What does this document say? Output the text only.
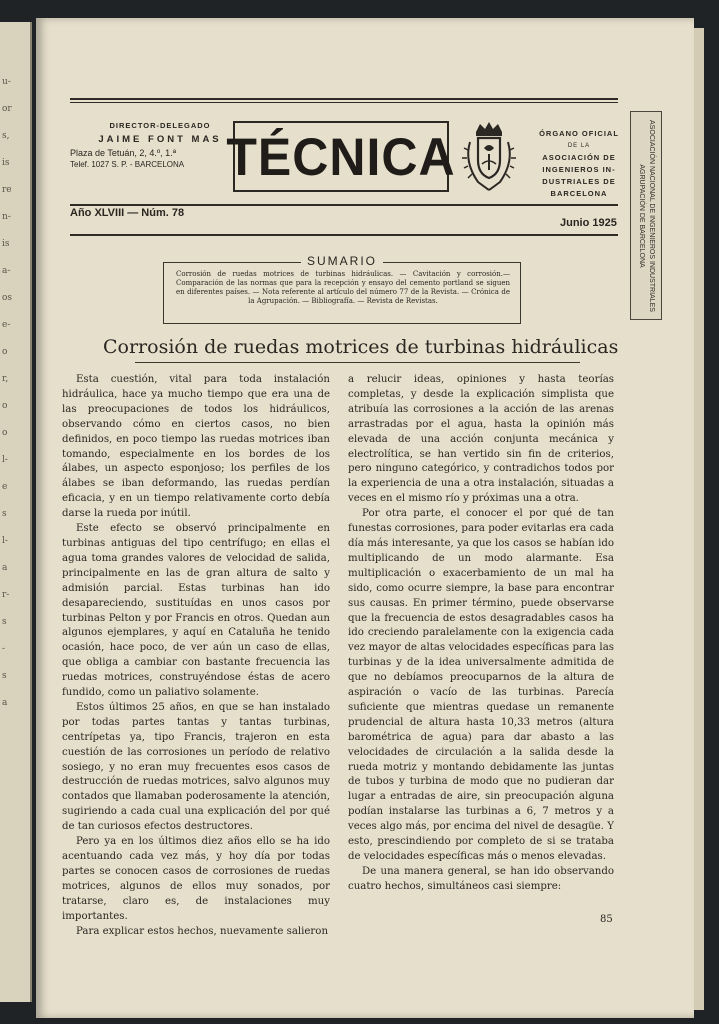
u-
or
s,
is
re
n-
is
a-
os
e-
o
r,
o
o
l-
e
s
l-
a
r-
s
-
s
a
DIRECTOR-DELEGADO
JAIME FONT MAS
Plaza de Tetuán, 2, 4.º, 1.ª
Telef. 1027 S. P. - BARCELONA TÉCNICA	ÓRGANO OFICIAL
DE LA
ASOCIACIÓN DE
INGENIEROS IN-
DUSTRIALES DE
BARCELONA	ASOCIACIÓN NACIONAL DE INGENIEROS INDUSTRIALES
AGRUPACIÓN DE BARCELONA
Año XLVIII — Núm. 78
Junio 1925
SUMARIO
Corrosión de ruedas motrices de turbinas hidráulicas. — Cavitación y corrosión.— Comparación de las normas que para la recepción y ensayo del cemento portland se siguen en diferentes países. — Nota referente al artículo del número 77 de la Revista. — Crónica de la Agrupación. — Bibliografía. — Revista de Revistas.
Corrosión de ruedas motrices de turbinas hidráulicas

Esta cuestión, vital para toda instalación hidráulica, hace ya mucho tiempo que era una de las preocupaciones de todos los hidráulicos, observando cómo en ciertos casos, no bien definidos, en poco tiempo las ruedas motrices iban tomando, especialmente en los bordes de los álabes, un aspecto esponjoso; los perfiles de los álabes se iban deformando, las ruedas perdían eficacia, y en un tiempo relativamente corto debía darse la rueda por inútil.

Este efecto se observó principalmente en turbinas antiguas del tipo centrífugo; en ellas el agua toma grandes valores de velocidad de salida, principalmente en las de gran altura de salto y admisión parcial. Estas turbinas han ido desapareciendo, sustituídas en unos casos por turbinas Pelton y por Francis en otros. Quedan aun algunos ejemplares, y aquí en Cataluña he tenido ocasión, hace poco, de ver aún un caso de ellas, que obliga a cambiar con bastante frecuencia las ruedas motrices, construyéndose éstas de acero fundido, como un paliativo solamente.

Estos últimos 25 años, en que se han instalado por todas partes tantas y tantas turbinas, centrípetas ya, tipo Francis, trajeron en esta cuestión de las corrosiones un período de relativo sosiego, y no eran muy frecuentes esos casos de destrucción de ruedas motrices, salvo algunos muy contados que llamaban poderosamente la atención, sugiriendo a cada cual una explicación del por qué de tan curiosos efectos destructores.

Pero ya en los últimos diez años ello se ha ido acentuando cada vez más, y hoy día por todas partes se conocen casos de corrosiones de ruedas motrices, algunos de ellos muy sonados, por tratarse, claro es, de instalaciones muy importantes.

Para explicar estos hechos, nuevamente salieron

a relucir ideas, opiniones y hasta teorías completas, y desde la explicación simplista que atribuía las corrosiones a la acción de las arenas arrastradas por el agua, hasta la opinión más elevada de una acción conjunta mecánica y electrolítica, se han vertido sin fin de criterios, pero ninguno categórico, y contradichos todos por la experiencia de una a otra instalación, situadas a veces en el mismo río y próximas una a otra.

Por otra parte, el conocer el por qué de tan funestas corrosiones, para poder evitarlas era cada día más interesante, ya que los casos se habían ido multiplicando de un modo alarmante. Esa multiplicación o exacerbamiento de un mal ha sido, como ocurre siempre, la base para encontrar sus causas. En primer término, puede observarse que la frecuencia de estos desagradables casos ha ido creciendo paralelamente con la exigencia cada vez mayor de altas velocidades específicas para las turbinas y de la idea universalmente admitida de que no debíamos preocuparnos de la altura de aspiración o vacío de las turbinas. Parecía suficiente que mientras quedase un remanente prudencial de altura hasta 10,33 metros (altura barométrica de agua) para dar abasto a las velocidades de circulación a la salida desde la rueda motriz y montando debidamente las juntas de tubos y turbina de modo que no pudieran dar lugar a entradas de aire, sin preocupación alguna podían instalarse las turbinas a 6, 7 metros y a veces algo más, por encima del nivel de desagüe. Y esto, prescindiendo por completo de si se trataba de velocidades específicas más o menos elevadas.

De una manera general, se han ido observando cuatro hechos, simultáneos casi siempre:

85
